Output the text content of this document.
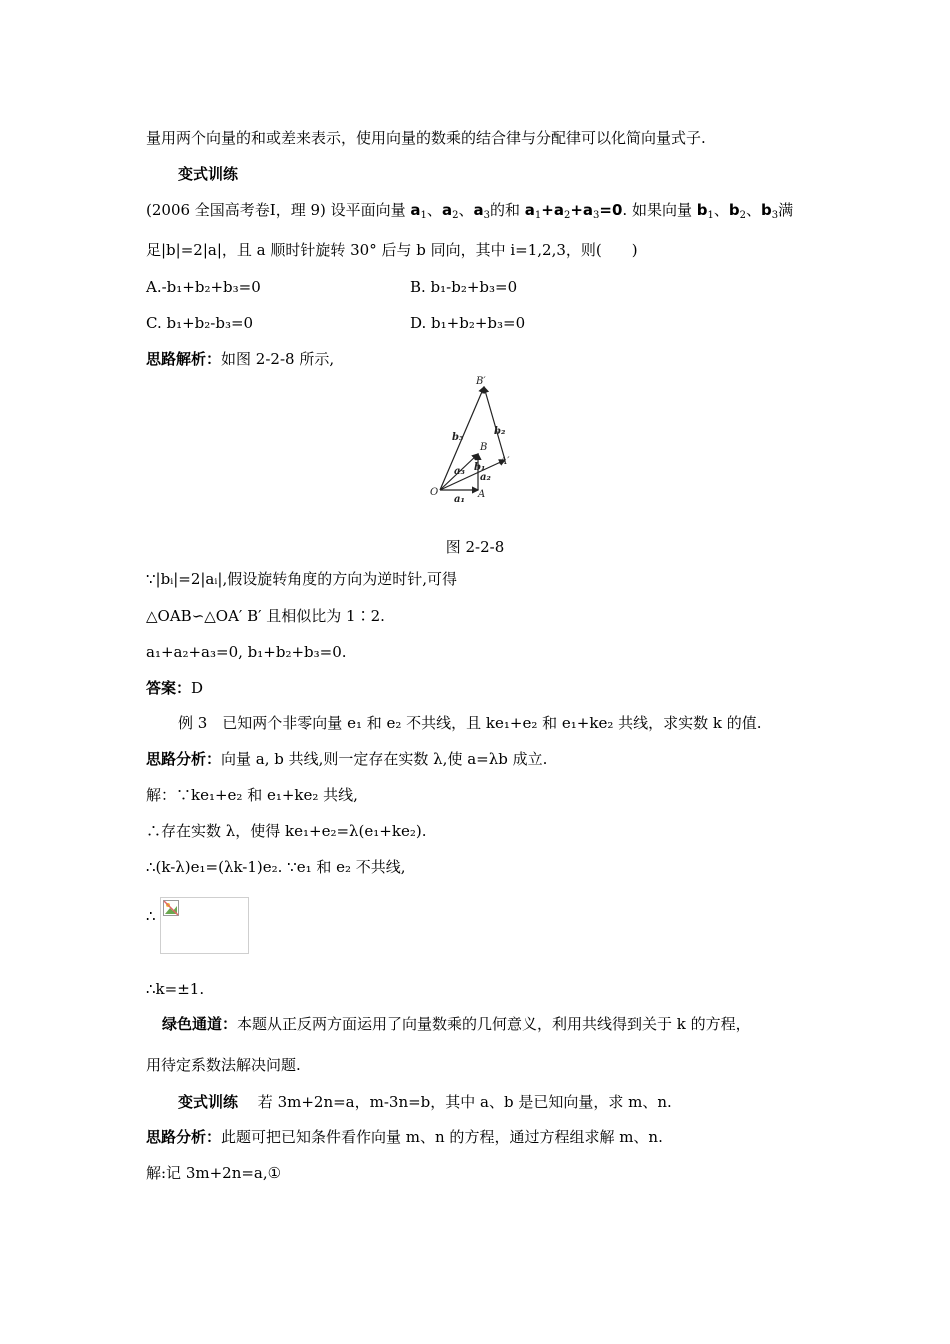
量用两个向量的和或差来表示，使用向量的数乘的结合律与分配律可以化简向量式子.
变式训练
(2006 全国高考卷Ⅰ，理 9) 设平面向量 $a_1$、$a_2$、$a_3$的和 $a_1+a_2+a_3=0$. 如果向量 $b_1$、$b_2$、$b_3$满
足|b|=2|a|，且 a 顺时针旋转 30° 后与 b 同向，其中 i=1,2,3，则(　　)
A.-b₁+b₂+b₃=0	B. b₁-b₂+b₃=0
C. b₁+b₂-b₃=0	D. b₁+b₂+b₃=0
思路解析：如图 2-2-8 所示,
B′
b₃
b₂
B
A′
a₃ b₁
a₂
O
a₁ A
图 2-2-8
∵|bᵢ|=2|aᵢ|,假设旋转角度的方向为逆时针,可得
△OAB∽△OA′ B′ 且相似比为 1∶2.
a₁+a₂+a₃=0, b₁+b₂+b₃=0.
答案：D
例 3　已知两个非零向量 e₁ 和 e₂ 不共线，且 ke₁+e₂ 和 e₁+ke₂ 共线，求实数 k 的值.
思路分析：向量 a, b 共线,则一定存在实数 λ,使 a=λb 成立.
解：∵ke₁+e₂ 和 e₁+ke₂ 共线,
∴存在实数 λ，使得 ke₁+e₂=λ(e₁+ke₂).
∴(k-λ)e₁=(λk-1)e₂. ∵e₁ 和 e₂ 不共线,
∴
∴k=±1.
绿色通道：本题从正反两方面运用了向量数乘的几何意义，利用共线得到关于 k 的方程，
用待定系数法解决问题.
变式训练　 若 3m+2n=a，m-3n=b，其中 a、b 是已知向量，求 m、n.
思路分析：此题可把已知条件看作向量 m、n 的方程，通过方程组求解 m、n.
解:记 3m+2n=a,①
